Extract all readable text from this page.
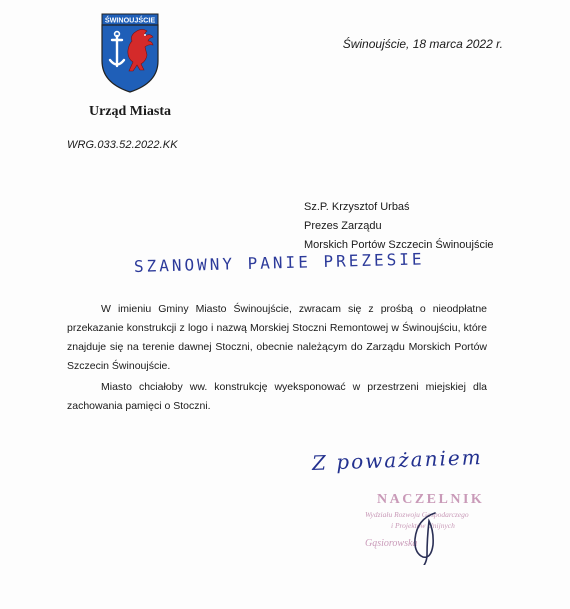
ŚWINOUJŚCIE
Urząd Miasta
WRG.033.52.2022.KK
Świnoujście, 18 marca 2022 r.
Sz.P. Krzysztof Urbaś
Prezes Zarządu
Morskich Portów Szczecin Świnoujście
SZANOWNY PANIE PREZESIE

W imieniu Gminy Miasto Świnoujście, zwracam się z prośbą o nieodpłatne przekazanie konstrukcji z logo i nazwą Morskiej Stoczni Remontowej w Świnoujściu, które znajduje się na terenie dawnej Stoczni, obecnie należącym do Zarządu Morskich Portów Szczecin Świnoujście.

Miasto chciałoby ww. konstrukcję wyeksponować w przestrzeni miejskiej dla zachowania pamięci o Stoczni.

Z poważaniem
NACZELNIK
Wydziału Rozwoju Gospodarczego
i Projektów Unijnych
Gąsiorowska
